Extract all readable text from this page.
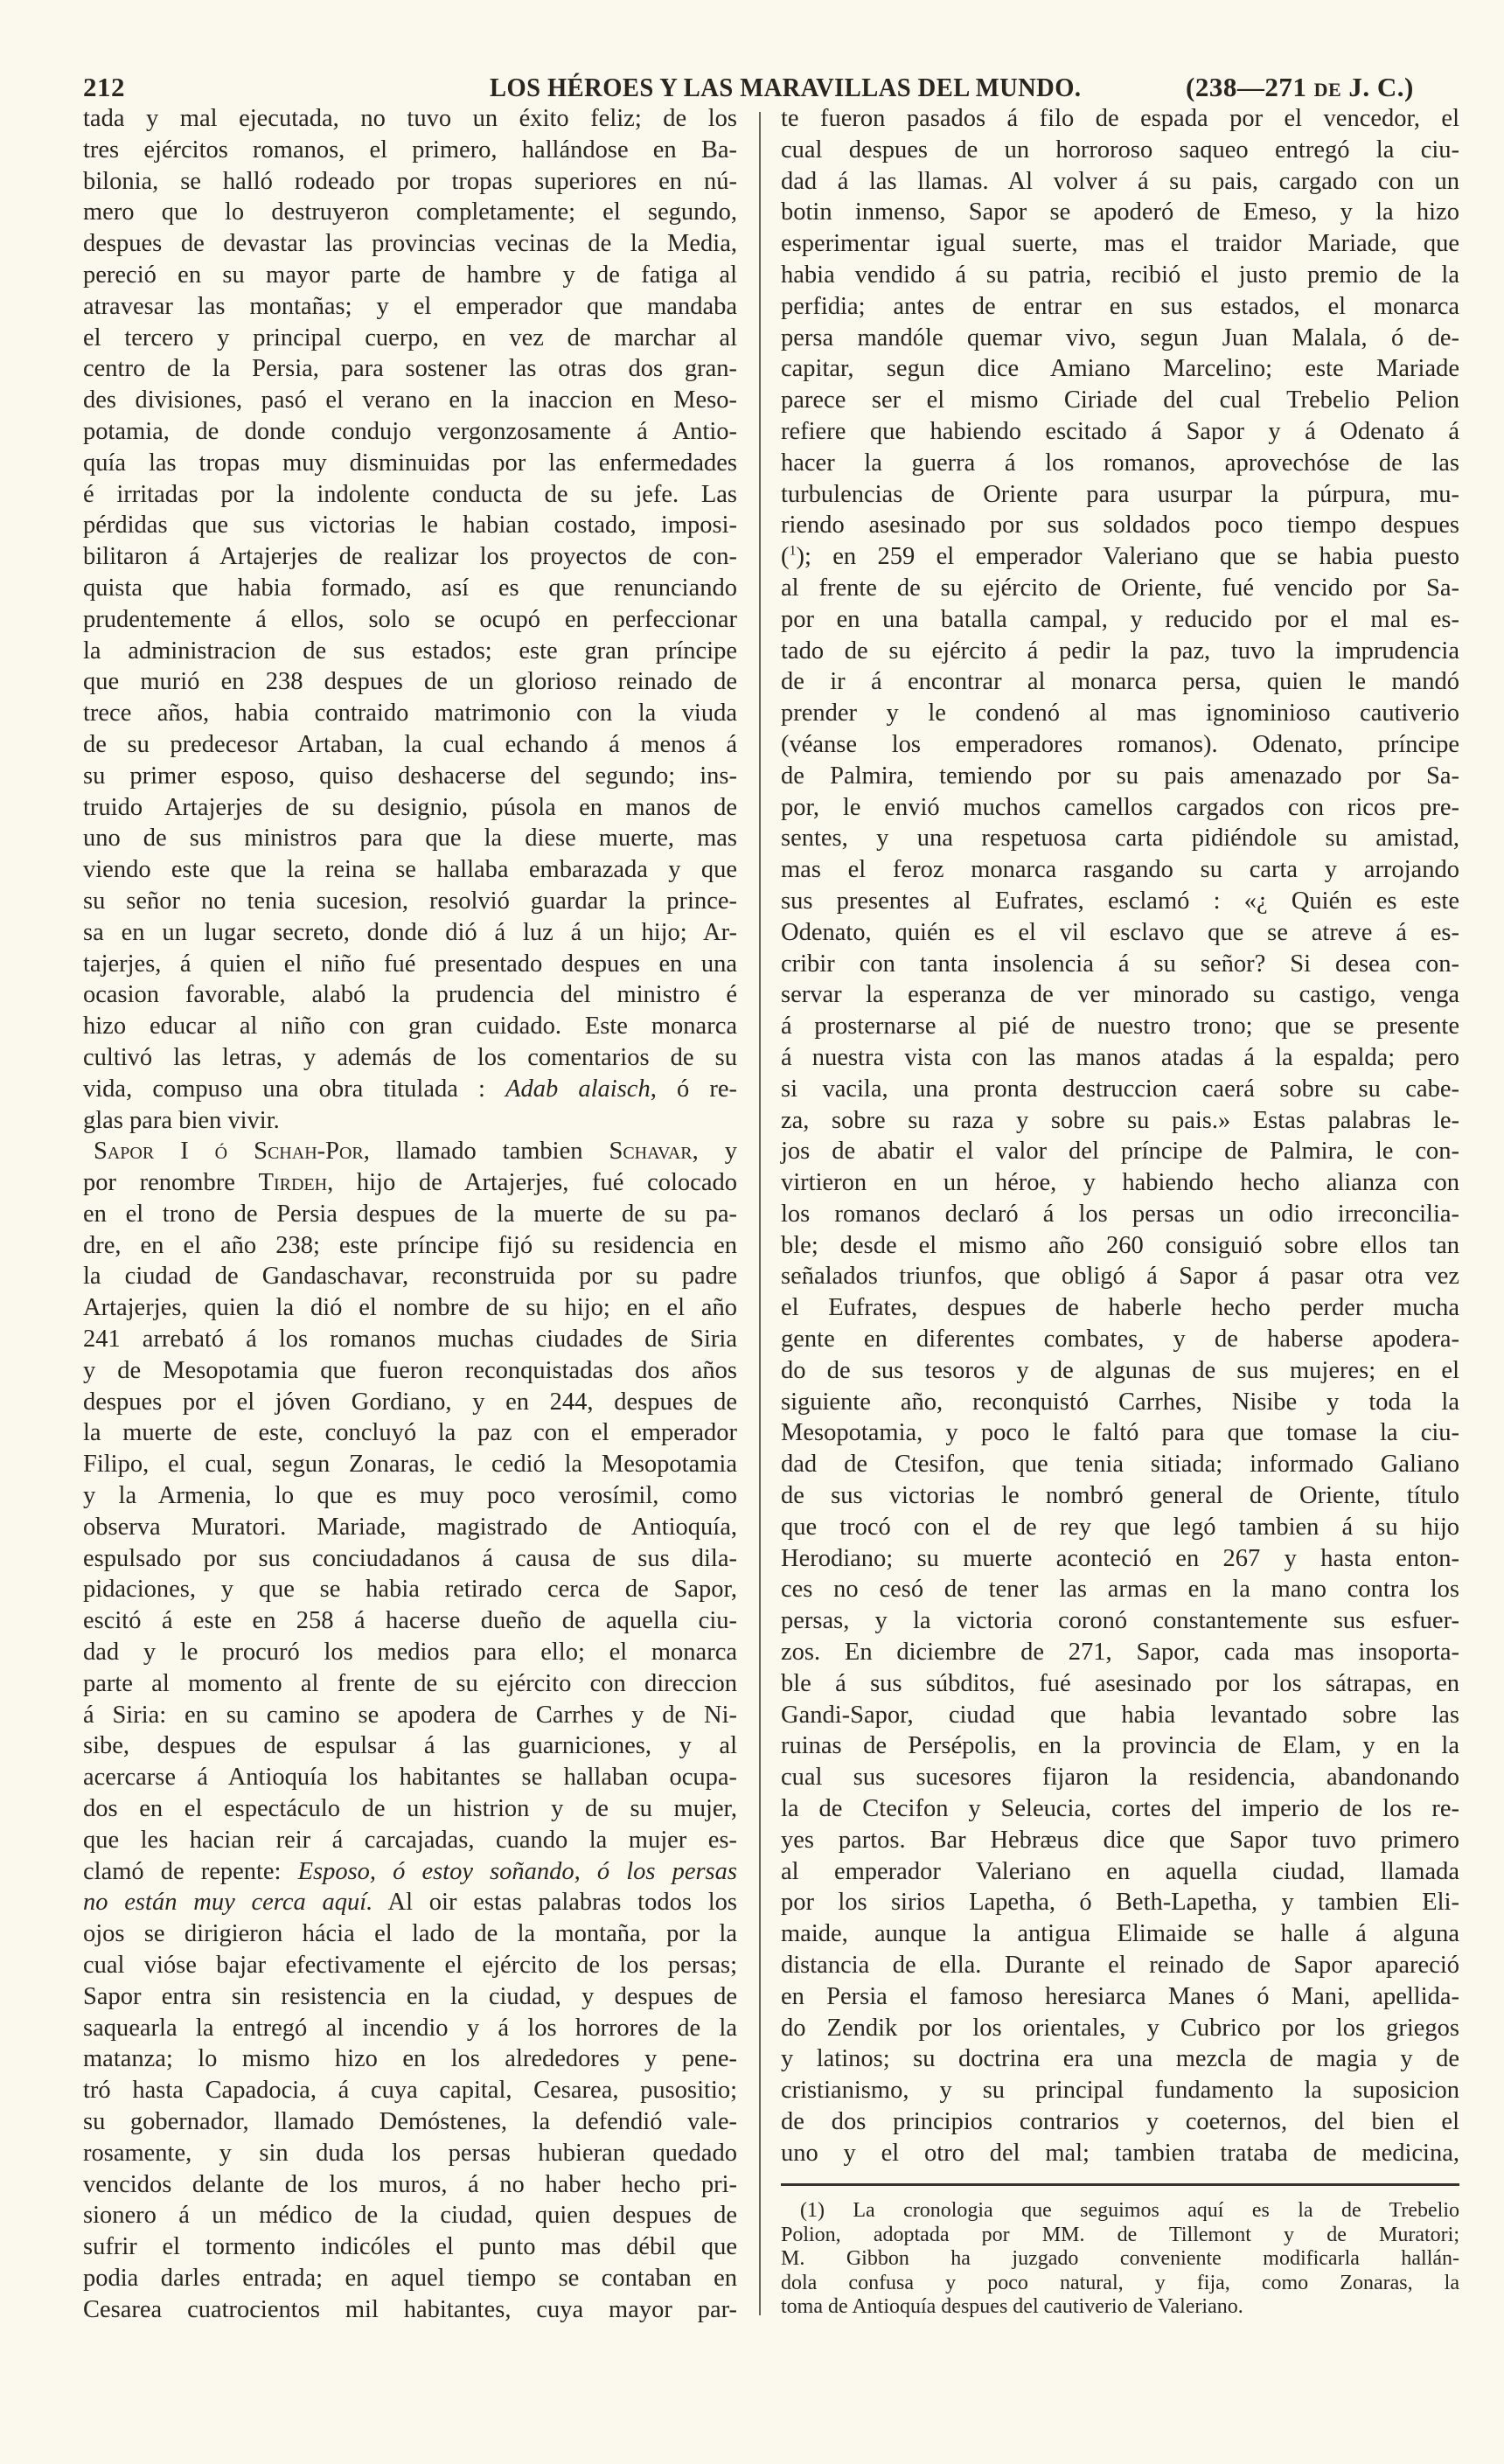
212	LOS HÉROES Y LAS MARAVILLAS DEL MUNDO.	(238—271 de J. C.)
tada y mal ejecutada, no tuvo un éxito feliz; de los
tres ejércitos romanos, el primero, hallándose en Ba-
bilonia, se halló rodeado por tropas superiores en nú-
mero que lo destruyeron completamente; el segundo,
despues de devastar las provincias vecinas de la Media,
pereció en su mayor parte de hambre y de fatiga al
atravesar las montañas; y el emperador que mandaba
el tercero y principal cuerpo, en vez de marchar al
centro de la Persia, para sostener las otras dos gran-
des divisiones, pasó el verano en la inaccion en Meso-
potamia, de donde condujo vergonzosamente á Antio-
quía las tropas muy disminuidas por las enfermedades
é irritadas por la indolente conducta de su jefe. Las
pérdidas que sus victorias le habian costado, imposi-
bilitaron á Artajerjes de realizar los proyectos de con-
quista que habia formado, así es que renunciando
prudentemente á ellos, solo se ocupó en perfeccionar
la administracion de sus estados; este gran príncipe
que murió en 238 despues de un glorioso reinado de
trece años, habia contraido matrimonio con la viuda
de su predecesor Artaban, la cual echando á menos á
su primer esposo, quiso deshacerse del segundo; ins-
truido Artajerjes de su designio, púsola en manos de
uno de sus ministros para que la diese muerte, mas
viendo este que la reina se hallaba embarazada y que
su señor no tenia sucesion, resolvió guardar la prince-
sa en un lugar secreto, donde dió á luz á un hijo; Ar-
tajerjes, á quien el niño fué presentado despues en una
ocasion favorable, alabó la prudencia del ministro é
hizo educar al niño con gran cuidado. Este monarca
cultivó las letras, y además de los comentarios de su
vida, compuso una obra titulada : Adab alaisch, ó re-
glas para bien vivir.
Sapor I ó Schah-Por, llamado tambien Schavar, y
por renombre Tirdeh, hijo de Artajerjes, fué colocado
en el trono de Persia despues de la muerte de su pa-
dre, en el año 238; este príncipe fijó su residencia en
la ciudad de Gandaschavar, reconstruida por su padre
Artajerjes, quien la dió el nombre de su hijo; en el año
241 arrebató á los romanos muchas ciudades de Siria
y de Mesopotamia que fueron reconquistadas dos años
despues por el jóven Gordiano, y en 244, despues de
la muerte de este, concluyó la paz con el emperador
Filipo, el cual, segun Zonaras, le cedió la Mesopotamia
y la Armenia, lo que es muy poco verosímil, como
observa Muratori. Mariade, magistrado de Antioquía,
espulsado por sus conciudadanos á causa de sus dila-
pidaciones, y que se habia retirado cerca de Sapor,
escitó á este en 258 á hacerse dueño de aquella ciu-
dad y le procuró los medios para ello; el monarca
parte al momento al frente de su ejército con direccion
á Siria: en su camino se apodera de Carrhes y de Ni-
sibe, despues de espulsar á las guarniciones, y al
acercarse á Antioquía los habitantes se hallaban ocupa-
dos en el espectáculo de un histrion y de su mujer,
que les hacian reir á carcajadas, cuando la mujer es-
clamó de repente: Esposo, ó estoy soñando, ó los persas
no están muy cerca aquí. Al oir estas palabras todos los
ojos se dirigieron hácia el lado de la montaña, por la
cual vióse bajar efectivamente el ejército de los persas;
Sapor entra sin resistencia en la ciudad, y despues de
saquearla la entregó al incendio y á los horrores de la
matanza; lo mismo hizo en los alrededores y pene-
tró hasta Capadocia, á cuya capital, Cesarea, pusositio;
su gobernador, llamado Demóstenes, la defendió vale-
rosamente, y sin duda los persas hubieran quedado
vencidos delante de los muros, á no haber hecho pri-
sionero á un médico de la ciudad, quien despues de
sufrir el tormento indicóles el punto mas débil que
podia darles entrada; en aquel tiempo se contaban en
Cesarea cuatrocientos mil habitantes, cuya mayor par-
te fueron pasados á filo de espada por el vencedor, el
cual despues de un horroroso saqueo entregó la ciu-
dad á las llamas. Al volver á su pais, cargado con un
botin inmenso, Sapor se apoderó de Emeso, y la hizo
esperimentar igual suerte, mas el traidor Mariade, que
habia vendido á su patria, recibió el justo premio de la
perfidia; antes de entrar en sus estados, el monarca
persa mandóle quemar vivo, segun Juan Malala, ó de-
capitar, segun dice Amiano Marcelino; este Mariade
parece ser el mismo Ciriade del cual Trebelio Pelion
refiere que habiendo escitado á Sapor y á Odenato á
hacer la guerra á los romanos, aprovechóse de las
turbulencias de Oriente para usurpar la púrpura, mu-
riendo asesinado por sus soldados poco tiempo despues
($^1$); en 259 el emperador Valeriano que se habia puesto
al frente de su ejército de Oriente, fué vencido por Sa-
por en una batalla campal, y reducido por el mal es-
tado de su ejército á pedir la paz, tuvo la imprudencia
de ir á encontrar al monarca persa, quien le mandó
prender y le condenó al mas ignominioso cautiverio
(véanse los emperadores romanos). Odenato, príncipe
de Palmira, temiendo por su pais amenazado por Sa-
por, le envió muchos camellos cargados con ricos pre-
sentes, y una respetuosa carta pidiéndole su amistad,
mas el feroz monarca rasgando su carta y arrojando
sus presentes al Eufrates, esclamó : «¿ Quién es este
Odenato, quién es el vil esclavo que se atreve á es-
cribir con tanta insolencia á su señor? Si desea con-
servar la esperanza de ver minorado su castigo, venga
á prosternarse al pié de nuestro trono; que se presente
á nuestra vista con las manos atadas á la espalda; pero
si vacila, una pronta destruccion caerá sobre su cabe-
za, sobre su raza y sobre su pais.» Estas palabras le-
jos de abatir el valor del príncipe de Palmira, le con-
virtieron en un héroe, y habiendo hecho alianza con
los romanos declaró á los persas un odio irreconcilia-
ble; desde el mismo año 260 consiguió sobre ellos tan
señalados triunfos, que obligó á Sapor á pasar otra vez
el Eufrates, despues de haberle hecho perder mucha
gente en diferentes combates, y de haberse apodera-
do de sus tesoros y de algunas de sus mujeres; en el
siguiente año, reconquistó Carrhes, Nisibe y toda la
Mesopotamia, y poco le faltó para que tomase la ciu-
dad de Ctesifon, que tenia sitiada; informado Galiano
de sus victorias le nombró general de Oriente, título
que trocó con el de rey que legó tambien á su hijo
Herodiano; su muerte aconteció en 267 y hasta enton-
ces no cesó de tener las armas en la mano contra los
persas, y la victoria coronó constantemente sus esfuer-
zos. En diciembre de 271, Sapor, cada mas insoporta-
ble á sus súbditos, fué asesinado por los sátrapas, en
Gandi-Sapor, ciudad que habia levantado sobre las
ruinas de Persépolis, en la provincia de Elam, y en la
cual sus sucesores fijaron la residencia, abandonando
la de Ctecifon y Seleucia, cortes del imperio de los re-
yes partos. Bar Hebræus dice que Sapor tuvo primero
al emperador Valeriano en aquella ciudad, llamada
por los sirios Lapetha, ó Beth-Lapetha, y tambien Eli-
maide, aunque la antigua Elimaide se halle á alguna
distancia de ella. Durante el reinado de Sapor apareció
en Persia el famoso heresiarca Manes ó Mani, apellida-
do Zendik por los orientales, y Cubrico por los griegos
y latinos; su doctrina era una mezcla de magia y de
cristianismo, y su principal fundamento la suposicion
de dos principios contrarios y coeternos, del bien el
uno y el otro del mal; tambien trataba de medicina,
(1) La cronologia que seguimos aquí es la de Trebelio
Polion, adoptada por MM. de Tillemont y de Muratori;
M. Gibbon ha juzgado conveniente modificarla hallán-
dola confusa y poco natural, y fija, como Zonaras, la
toma de Antioquía despues del cautiverio de Valeriano.
